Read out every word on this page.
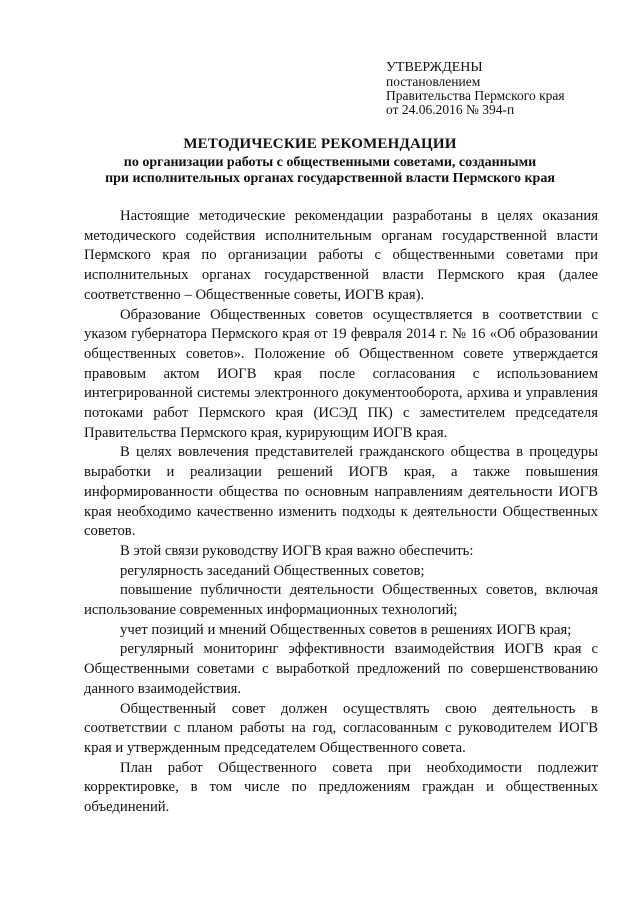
УТВЕРЖДЕНЫ
постановлением
Правительства Пермского края
от 24.06.2016 № 394-п
МЕТОДИЧЕСКИЕ РЕКОМЕНДАЦИИ
по организации работы с общественными советами, созданными
при исполнительных органах государственной власти Пермского края

Настоящие методические рекомендации разработаны в целях оказания методического содействия исполнительным органам государственной власти Пермского края по организации работы с общественными советами при исполнительных органах государственной власти Пермского края (далее соответственно – Общественные советы, ИОГВ края).

Образование Общественных советов осуществляется в соответствии с указом губернатора Пермского края от 19 февраля 2014 г. № 16 «Об образовании общественных советов». Положение об Общественном совете утверждается правовым актом ИОГВ края после согласования с использованием интегрированной системы электронного документооборота, архива и управления потоками работ Пермского края (ИСЭД ПК) с заместителем председателя Правительства Пермского края, курирующим ИОГВ края.

В целях вовлечения представителей гражданского общества в процедуры выработки и реализации решений ИОГВ края, а также повышения информированности общества по основным направлениям деятельности ИОГВ края необходимо качественно изменить подходы к деятельности Общественных советов.

В этой связи руководству ИОГВ края важно обеспечить:

регулярность заседаний Общественных советов;

повышение публичности деятельности Общественных советов, включая использование современных информационных технологий;

учет позиций и мнений Общественных советов в решениях ИОГВ края;

регулярный мониторинг эффективности взаимодействия ИОГВ края с Общественными советами с выработкой предложений по совершенствованию данного взаимодействия.

Общественный совет должен осуществлять свою деятельность в соответствии с планом работы на год, согласованным с руководителем ИОГВ края и утвержденным председателем Общественного совета.

План работ Общественного совета при необходимости подлежит корректировке, в том числе по предложениям граждан и общественных объединений.
